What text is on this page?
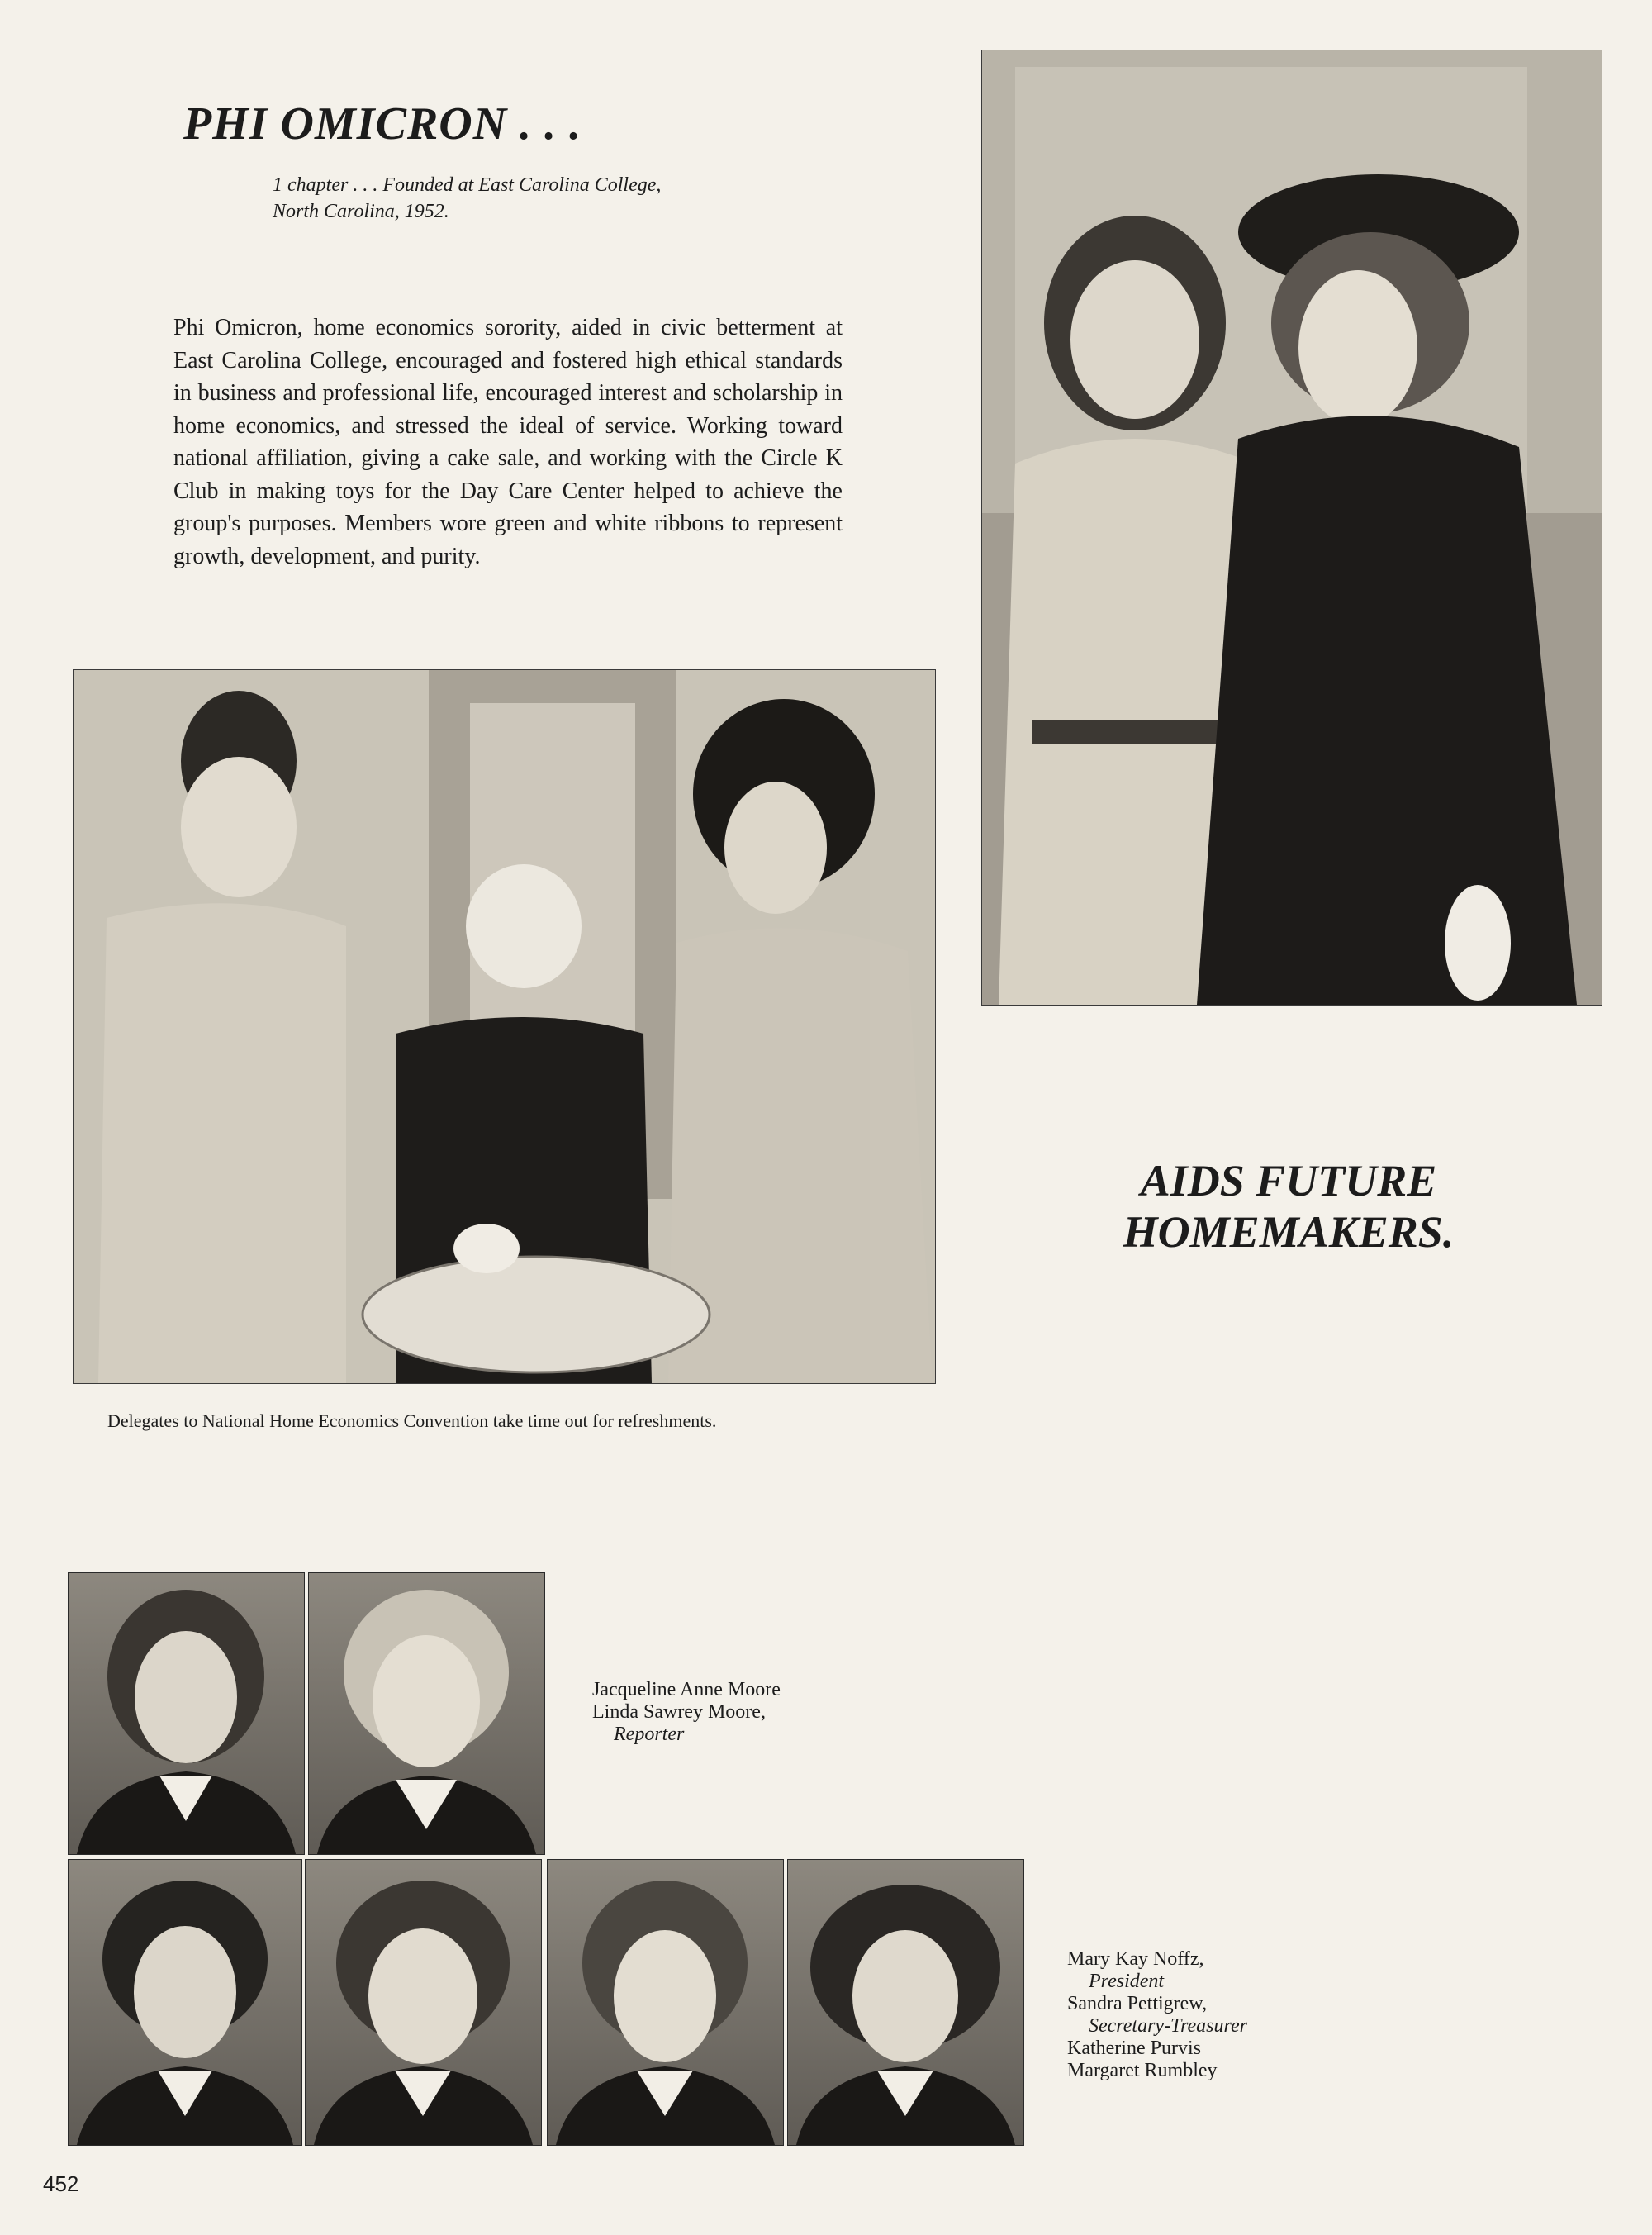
PHI OMICRON . . .
1 chapter . . . Founded at East Carolina College, North Carolina, 1952.
Phi Omicron, home economics sorority, aided in civic betterment at East Carolina College, encouraged and fostered high ethical standards in business and professional life, encouraged interest and scholarship in home economics, and stressed the ideal of service. Working toward national affiliation, giving a cake sale, and working with the Circle K Club in making toys for the Day Care Center helped to achieve the group's purposes. Members wore green and white ribbons to represent growth, development, and purity.
AIDS FUTURE
HOMEMAKERS.
Delegates to National Home Economics Convention take time out for refreshments.
Jacqueline Anne Moore
Linda Sawrey Moore,
Reporter
Mary Kay Noffz,
President
Sandra Pettigrew,
Secretary-Treasurer
Katherine Purvis
Margaret Rumbley
452
